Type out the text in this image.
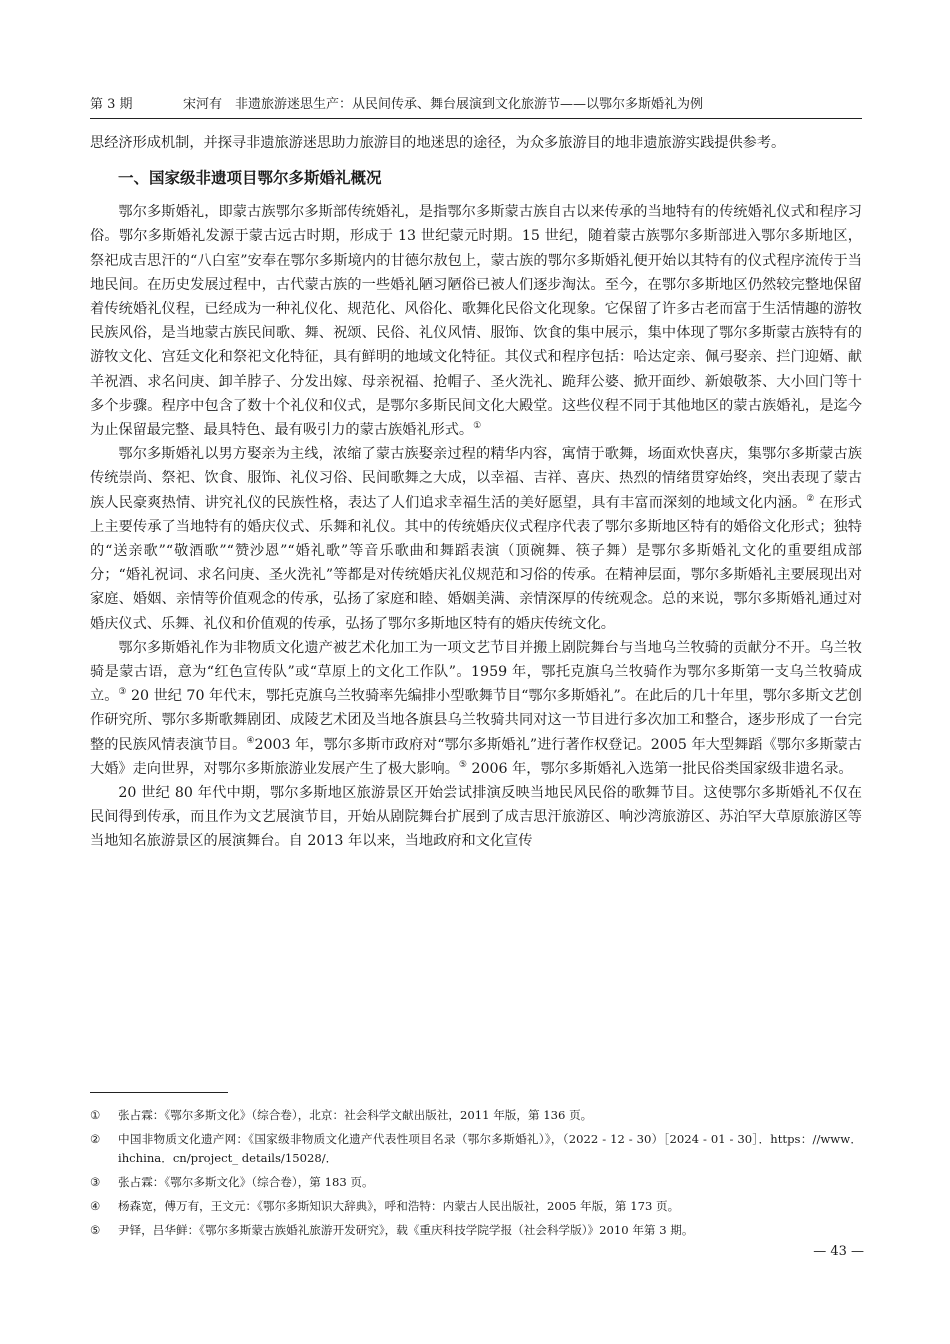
第 3 期	宋河有　非遗旅游迷思生产：从民间传承、舞台展演到文化旅游节——以鄂尔多斯婚礼为例

思经济形成机制，并探寻非遗旅游迷思助力旅游目的地迷思的途径，为众多旅游目的地非遗旅游实践提供参考。

一、国家级非遗项目鄂尔多斯婚礼概况

鄂尔多斯婚礼，即蒙古族鄂尔多斯部传统婚礼，是指鄂尔多斯蒙古族自古以来传承的当地特有的传统婚礼仪式和程序习俗。鄂尔多斯婚礼发源于蒙古远古时期，形成于 13 世纪蒙元时期。15 世纪，随着蒙古族鄂尔多斯部进入鄂尔多斯地区，祭祀成吉思汗的“八白室”安奉在鄂尔多斯境内的甘德尔敖包上，蒙古族的鄂尔多斯婚礼便开始以其特有的仪式程序流传于当地民间。在历史发展过程中，古代蒙古族的一些婚礼陋习陋俗已被人们逐步淘汰。至今，在鄂尔多斯地区仍然较完整地保留着传统婚礼仪程，已经成为一种礼仪化、规范化、风俗化、歌舞化民俗文化现象。它保留了许多古老而富于生活情趣的游牧民族风俗，是当地蒙古族民间歌、舞、祝颂、民俗、礼仪风情、服饰、饮食的集中展示，集中体现了鄂尔多斯蒙古族特有的游牧文化、宫廷文化和祭祀文化特征，具有鲜明的地域文化特征。其仪式和程序包括：哈达定亲、佩弓娶亲、拦门迎婿、献羊祝酒、求名问庚、卸羊脖子、分发出嫁、母亲祝福、抢帽子、圣火洗礼、跪拜公婆、掀开面纱、新娘敬茶、大小回门等十多个步骤。程序中包含了数十个礼仪和仪式，是鄂尔多斯民间文化大殿堂。这些仪程不同于其他地区的蒙古族婚礼，是迄今为止保留最完整、最具特色、最有吸引力的蒙古族婚礼形式。①

鄂尔多斯婚礼以男方娶亲为主线，浓缩了蒙古族娶亲过程的精华内容，寓情于歌舞，场面欢快喜庆，集鄂尔多斯蒙古族传统崇尚、祭祀、饮食、服饰、礼仪习俗、民间歌舞之大成，以幸福、吉祥、喜庆、热烈的情绪贯穿始终，突出表现了蒙古族人民豪爽热情、讲究礼仪的民族性格，表达了人们追求幸福生活的美好愿望，具有丰富而深刻的地域文化内涵。② 在形式上主要传承了当地特有的婚庆仪式、乐舞和礼仪。其中的传统婚庆仪式程序代表了鄂尔多斯地区特有的婚俗文化形式；独特的“送亲歌”“敬酒歌”“赞沙恩”“婚礼歌”等音乐歌曲和舞蹈表演（顶碗舞、筷子舞）是鄂尔多斯婚礼文化的重要组成部分；“婚礼祝词、求名问庚、圣火洗礼”等都是对传统婚庆礼仪规范和习俗的传承。在精神层面，鄂尔多斯婚礼主要展现出对家庭、婚姻、亲情等价值观念的传承，弘扬了家庭和睦、婚姻美满、亲情深厚的传统观念。总的来说，鄂尔多斯婚礼通过对婚庆仪式、乐舞、礼仪和价值观的传承，弘扬了鄂尔多斯地区特有的婚庆传统文化。

鄂尔多斯婚礼作为非物质文化遗产被艺术化加工为一项文艺节目并搬上剧院舞台与当地乌兰牧骑的贡献分不开。乌兰牧骑是蒙古语，意为“红色宣传队”或“草原上的文化工作队”。1959 年，鄂托克旗乌兰牧骑作为鄂尔多斯第一支乌兰牧骑成立。③ 20 世纪 70 年代末，鄂托克旗乌兰牧骑率先编排小型歌舞节目“鄂尔多斯婚礼”。在此后的几十年里，鄂尔多斯文艺创作研究所、鄂尔多斯歌舞剧团、成陵艺术团及当地各旗县乌兰牧骑共同对这一节目进行多次加工和整合，逐步形成了一台完整的民族风情表演节目。④2003 年，鄂尔多斯市政府对“鄂尔多斯婚礼”进行著作权登记。2005 年大型舞蹈《鄂尔多斯蒙古大婚》走向世界，对鄂尔多斯旅游业发展产生了极大影响。⑤ 2006 年，鄂尔多斯婚礼入选第一批民俗类国家级非遗名录。

20 世纪 80 年代中期，鄂尔多斯地区旅游景区开始尝试排演反映当地民风民俗的歌舞节目。这使鄂尔多斯婚礼不仅在民间得到传承，而且作为文艺展演节目，开始从剧院舞台扩展到了成吉思汗旅游区、响沙湾旅游区、苏泊罕大草原旅游区等当地知名旅游景区的展演舞台。自 2013 年以来，当地政府和文化宣传

①	张占霖：《鄂尔多斯文化》（综合卷），北京：社会科学文献出版社，2011 年版，第 136 页。
②	中国非物质文化遗产网：《国家级非物质文化遗产代表性项目名录（鄂尔多斯婚礼）》，（2022 - 12 - 30）［2024 - 01 - 30］．https：//www．ihchina．cn/project_ details/15028/．
③	张占霖：《鄂尔多斯文化》（综合卷），第 183 页。
④	杨森宽，傅万有，王文元：《鄂尔多斯知识大辞典》，呼和浩特：内蒙古人民出版社，2005 年版，第 173 页。
⑤	尹铎，吕华鲜：《鄂尔多斯蒙古族婚礼旅游开发研究》，载《重庆科技学院学报（社会科学版）》2010 年第 3 期。
— 43 —
